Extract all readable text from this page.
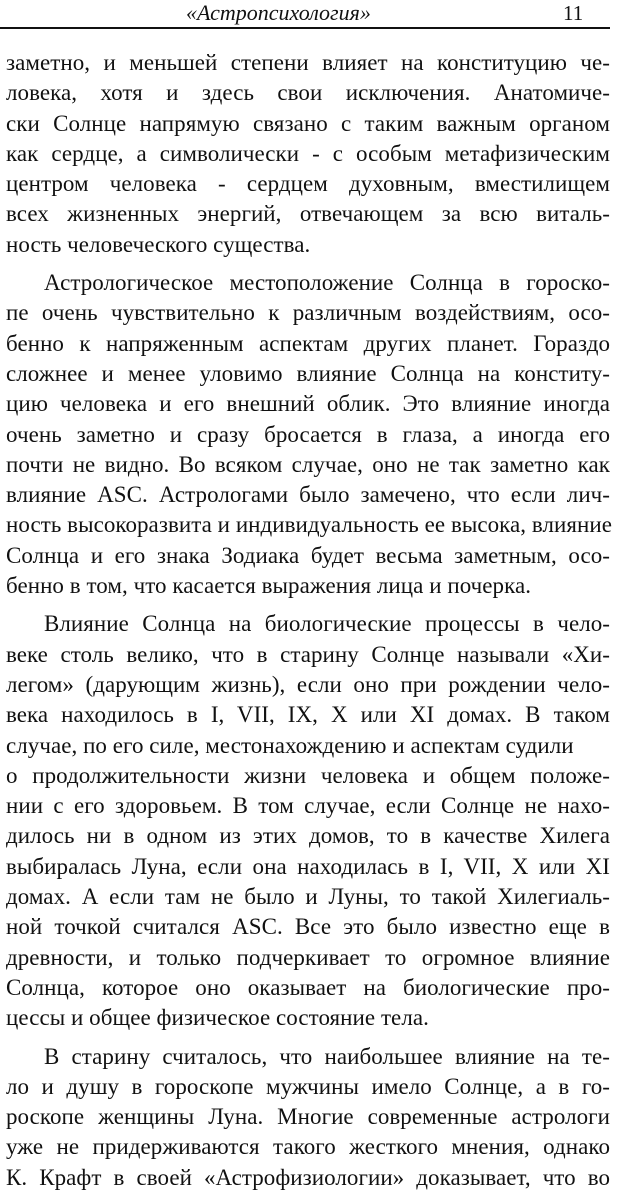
«Астропсихология»	11
заметно, и меньшей степени влияет на конституцию че-
ловека, хотя и здесь свои исключения. Анатомиче-
ски Солнце напрямую связано с таким важным органом
как сердце, а символически - с особым метафизическим
центром человека - сердцем духовным, вместилищем
всех жизненных энергий, отвечающем за всю виталь-
ность человеческого существа.
Астрологическое местоположение Солнца в гороско-
пе очень чувствительно к различным воздействиям, осо-
бенно к напряженным аспектам других планет. Гораздо
сложнее и менее уловимо влияние Солнца на конститу-
цию человека и его внешний облик. Это влияние иногда
очень заметно и сразу бросается в глаза, а иногда его
почти не видно. Во всяком случае, оно не так заметно как
влияние ASC. Астрологами было замечено, что если лич-
ность высокоразвита и индивидуальность ее высока, влияние
Солнца и его знака Зодиака будет весьма заметным, осо-
бенно в том, что касается выражения лица и почерка.
Влияние Солнца на биологические процессы в чело-
веке столь велико, что в старину Солнце называли «Хи-
легом» (дарующим жизнь), если оно при рождении чело-
века находилось в I, VII, IX, X или XI домах. В таком
случае, по его силе, местонахождению и аспектам судили
о продолжительности жизни человека и общем положе-
нии с его здоровьем. В том случае, если Солнце не нахо-
дилось ни в одном из этих домов, то в качестве Хилега
выбиралась Луна, если она находилась в I, VII, X или XI
домах. А если там не было и Луны, то такой Хилегиаль-
ной точкой считался ASC. Все это было известно еще в
древности, и только подчеркивает то огромное влияние
Солнца, которое оно оказывает на биологические про-
цессы и общее физическое состояние тела.
В старину считалось, что наибольшее влияние на те-
ло и душу в гороскопе мужчины имело Солнце, а в го-
роскопе женщины Луна. Многие современные астрологи
уже не придерживаются такого жесткого мнения, однако
К. Крафт в своей «Астрофизиологии» доказывает, что во
